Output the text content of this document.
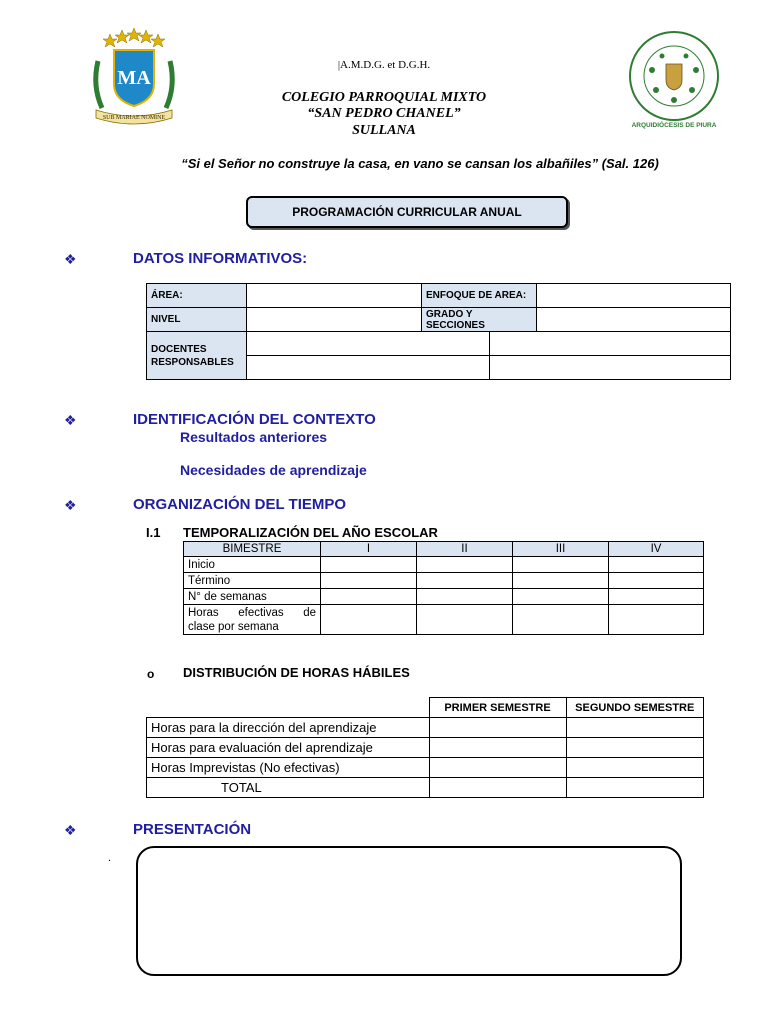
MA
SUB MARIAE NOMINE
ARQUIDIÓCESIS DE PIURA
|A.M.D.G. et D.G.H.
COLEGIO PARROQUIAL MIXTO
“SAN PEDRO CHANEL”
SULLANA
“Si el Señor no construye la casa, en vano se cansan los albañiles” (Sal. 126)
PROGRAMACIÓN CURRICULAR ANUAL
❖	DATOS INFORMATIVOS:
ÁREA:		ENFOQUE DE AREA:	
NIVEL		GRADO Y SECCIONES	
DOCENTES
RESPONSABLES		

❖	IDENTIFICACIÓN DEL CONTEXTO
Resultados anteriores
Necesidades de aprendizaje
❖	ORGANIZACIÓN DEL TIEMPO
I.1 TEMPORALIZACIÓN DEL AÑO ESCOLAR
BIMESTRE	I	II	III	IV
Inicio				
Término				
N° de semanas				

Horas efectivas de
clase por semana				

o DISTRIBUCIÓN DE HORAS HÁBILES
	PRIMER SEMESTRE	SEGUNDO SEMESTRE
Horas para la dirección del aprendizaje		
Horas para evaluación del aprendizaje		
Horas Imprevistas (No efectivas)		
TOTAL		
❖	PRESENTACIÓN
.
